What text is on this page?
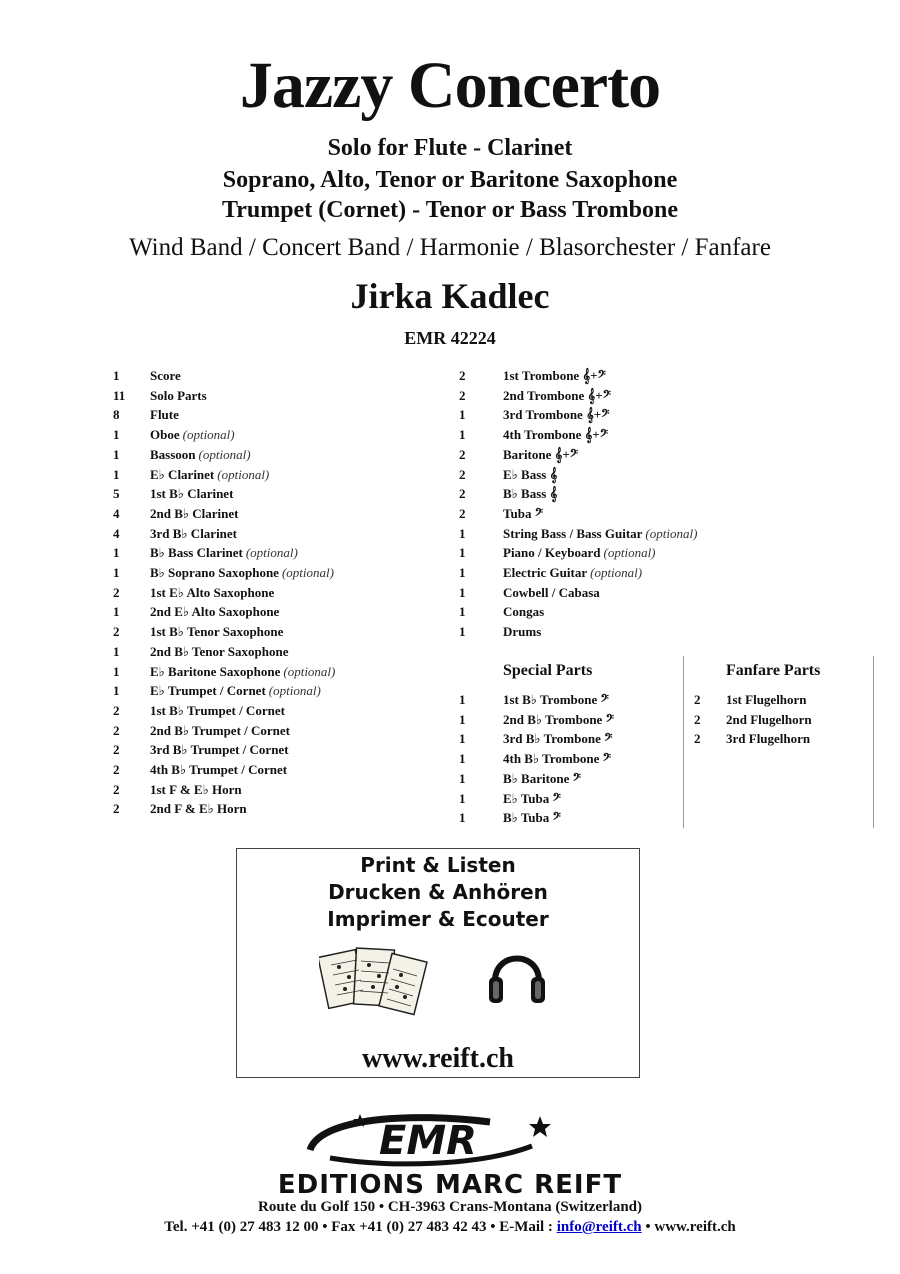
Jazzy Concerto
Solo for Flute - Clarinet
Soprano, Alto, Tenor or Baritone Saxophone
Trumpet (Cornet) - Tenor or Bass Trombone
Wind Band / Concert Band / Harmonie / Blasorchester / Fanfare
Jirka Kadlec
EMR 42224
1 Score
11 Solo Parts
8 Flute
1 Oboe (optional)
1 Bassoon (optional)
1 E♭ Clarinet (optional)
5 1st B♭ Clarinet
4 2nd B♭ Clarinet
4 3rd B♭ Clarinet
1 B♭ Bass Clarinet (optional)
1 B♭ Soprano Saxophone (optional)
2 1st E♭ Alto Saxophone
1 2nd E♭ Alto Saxophone
2 1st B♭ Tenor Saxophone
1 2nd B♭ Tenor Saxophone
1 E♭ Baritone Saxophone (optional)
1 E♭ Trumpet / Cornet (optional)
2 1st B♭ Trumpet / Cornet
2 2nd B♭ Trumpet / Cornet
2 3rd B♭ Trumpet / Cornet
2 4th B♭ Trumpet / Cornet
2 1st F & E♭ Horn
2 2nd F & E♭ Horn
2	1st Trombone 𝄞+𝄢
2	2nd Trombone 𝄞+𝄢
1	3rd Trombone 𝄞+𝄢
1	4th Trombone 𝄞+𝄢
2	Baritone 𝄞+𝄢
2	E♭ Bass 𝄞
2	B♭ Bass 𝄞
2	Tuba 𝄢
1	String Bass / Bass Guitar (optional)
1	Piano / Keyboard (optional)
1	Electric Guitar (optional)
1	Cowbell / Cabasa
1	Congas
1	Drums
Special Parts	Fanfare Parts
1	1st B♭ Trombone 𝄢
1	2nd B♭ Trombone 𝄢
1	3rd B♭ Trombone 𝄢
1	4th B♭ Trombone 𝄢
1	B♭ Baritone 𝄢
1	E♭ Tuba 𝄢
1	B♭ Tuba 𝄢
2 1st Flugelhorn
2 2nd Flugelhorn
2 3rd Flugelhorn
Print & Listen
Drucken & Anhören
Imprimer & Ecouter
www.reift.ch
EMR
EDITIONS MARC REIFT
Route du Golf 150 • CH-3963 Crans-Montana (Switzerland)
Tel. +41 (0) 27 483 12 00 • Fax +41 (0) 27 483 42 43 • E-Mail : info@reift.ch • www.reift.ch
